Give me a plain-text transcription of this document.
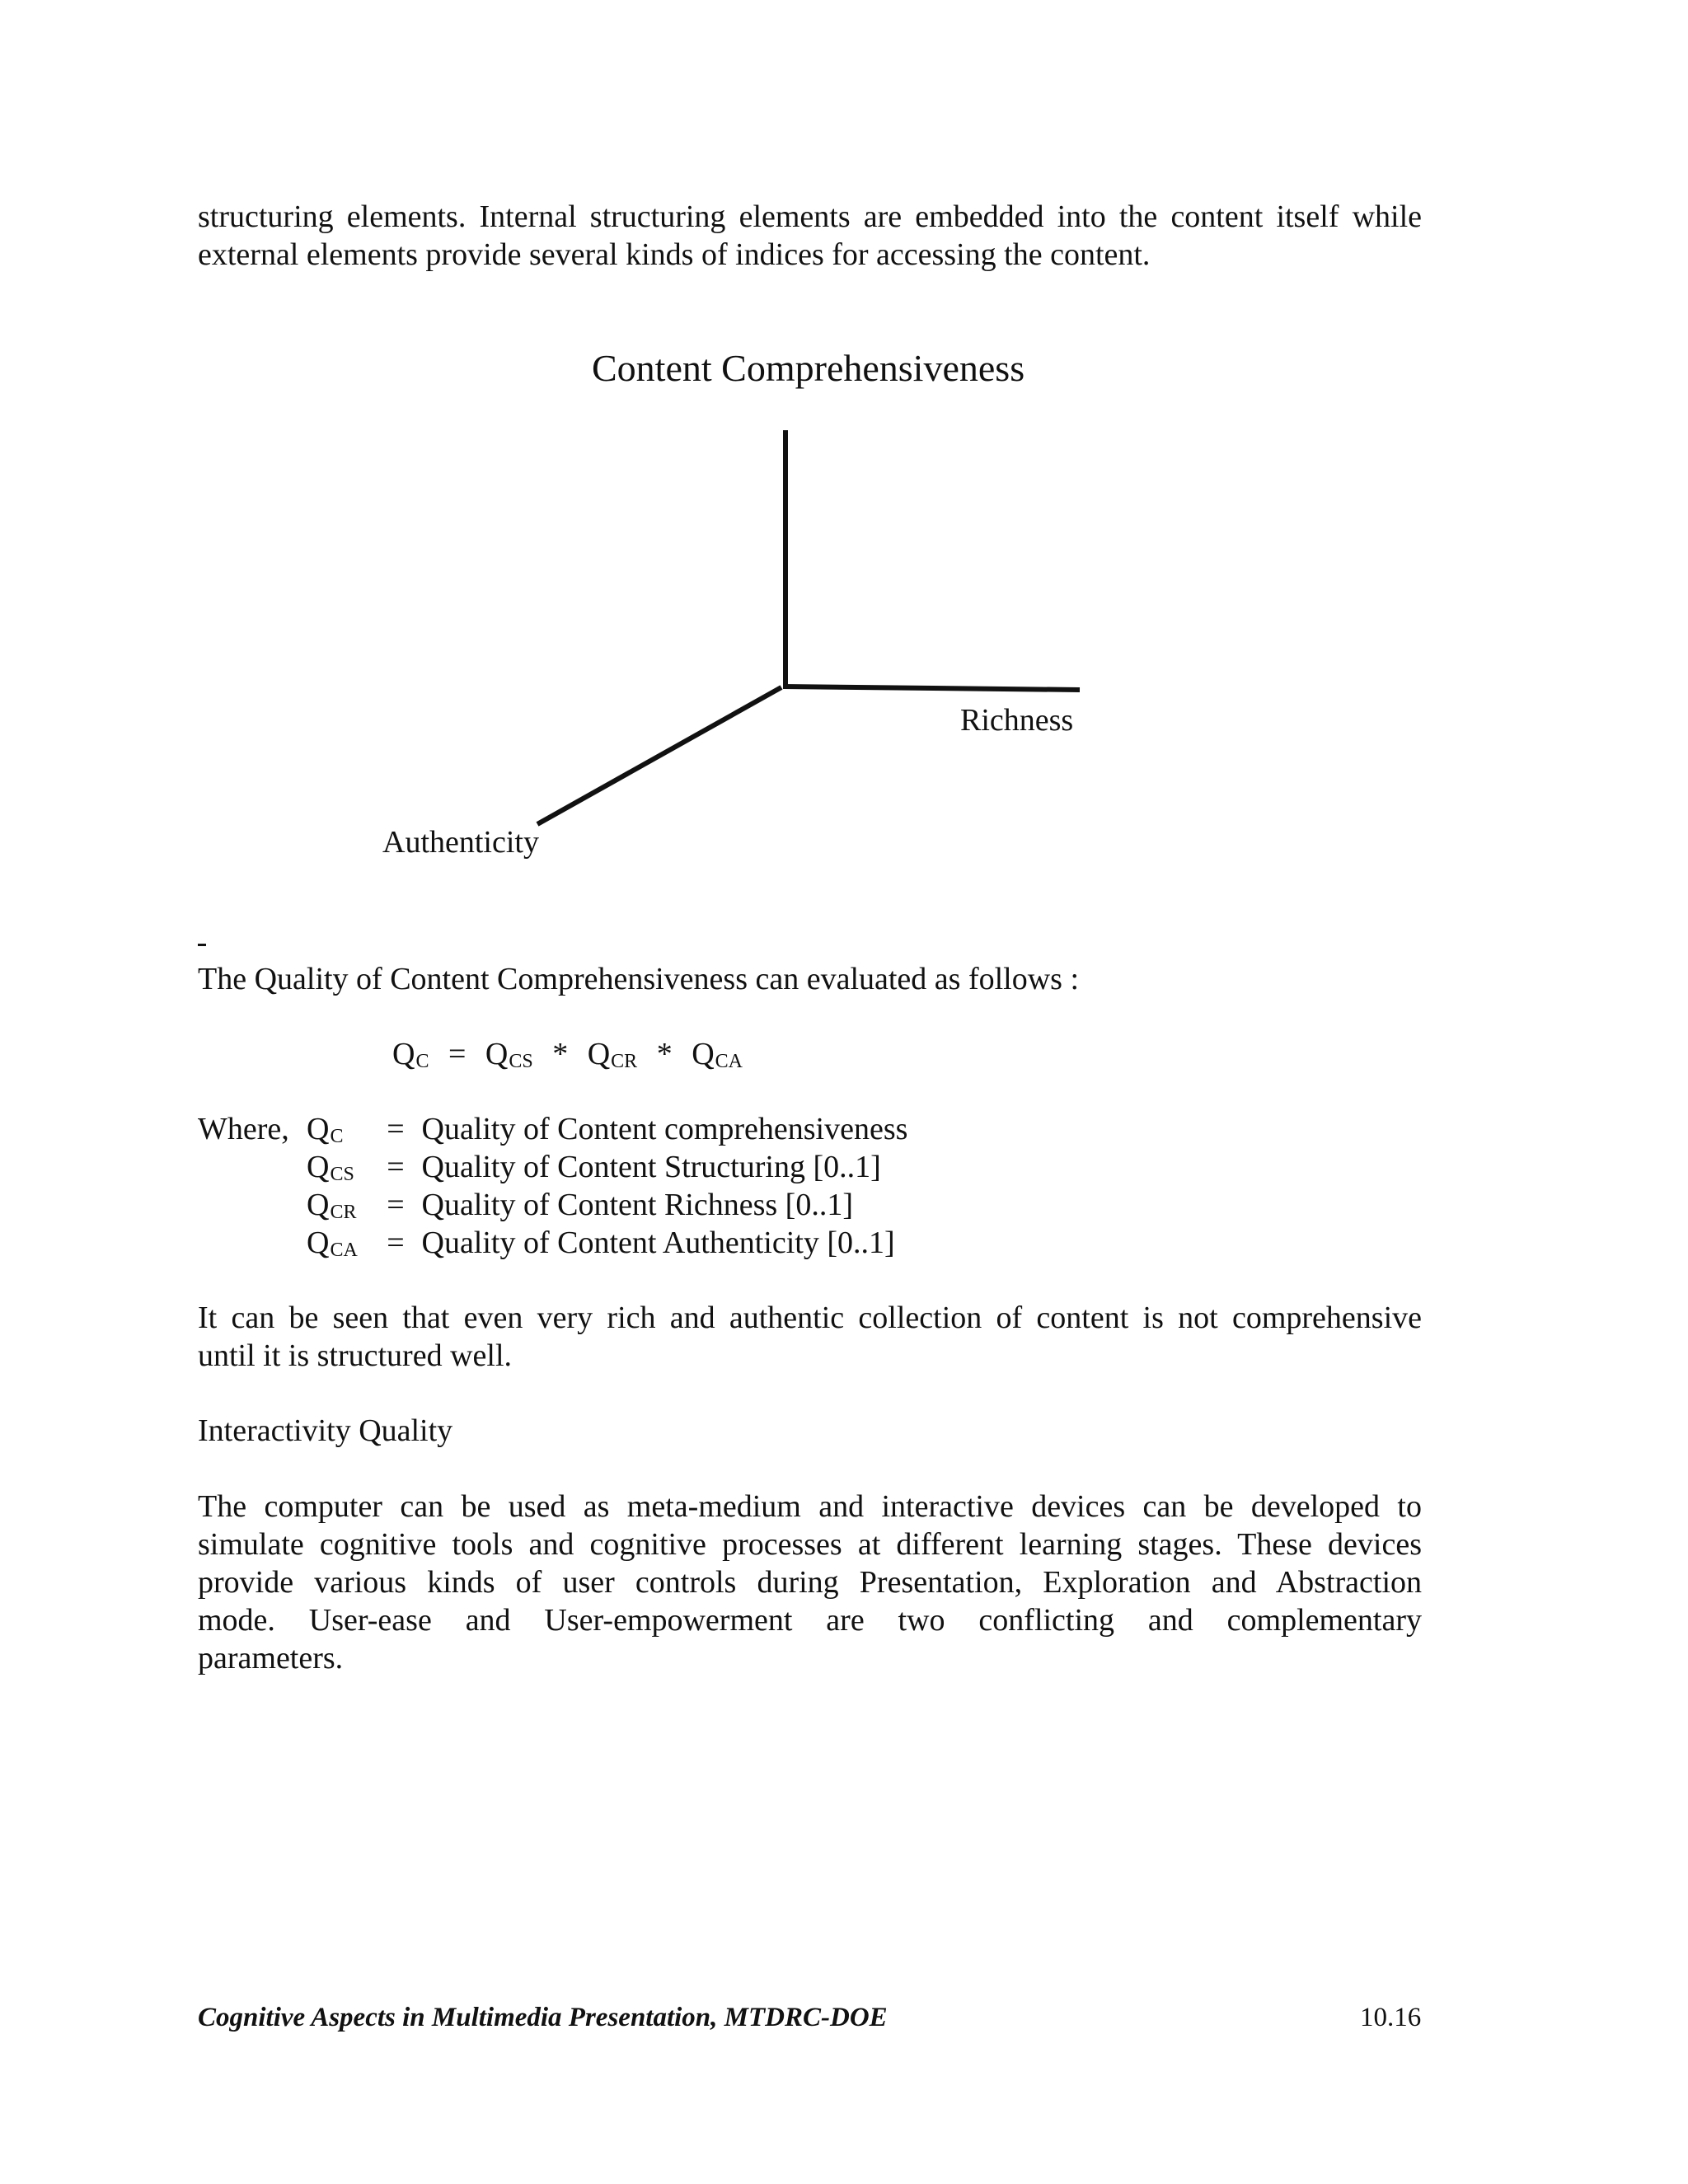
structuring elements. Internal structuring elements are embedded into the content itself while
external elements provide several kinds of indices for accessing the content.
Content Comprehensiveness
Richness
Authenticity
The Quality of Content Comprehensiveness can evaluated as follows :
QC = QCS * QCR * QCA
Where, QC = Quality of Content comprehensiveness
QCS = Quality of Content Structuring [0..1]
QCR = Quality of Content Richness [0..1]
QCA = Quality of Content Authenticity [0..1]
It can be seen that even very rich and authentic collection of content is not comprehensive
until it is structured well.
Interactivity Quality
The computer can be used as meta-medium and interactive devices can be developed to
simulate cognitive tools and cognitive processes at different learning stages. These devices
provide various kinds of user controls during Presentation, Exploration and Abstraction
mode. User-ease and User-empowerment are two conflicting and complementary
parameters.
Cognitive Aspects in Multimedia Presentation, MTDRC-DOE	10.16
